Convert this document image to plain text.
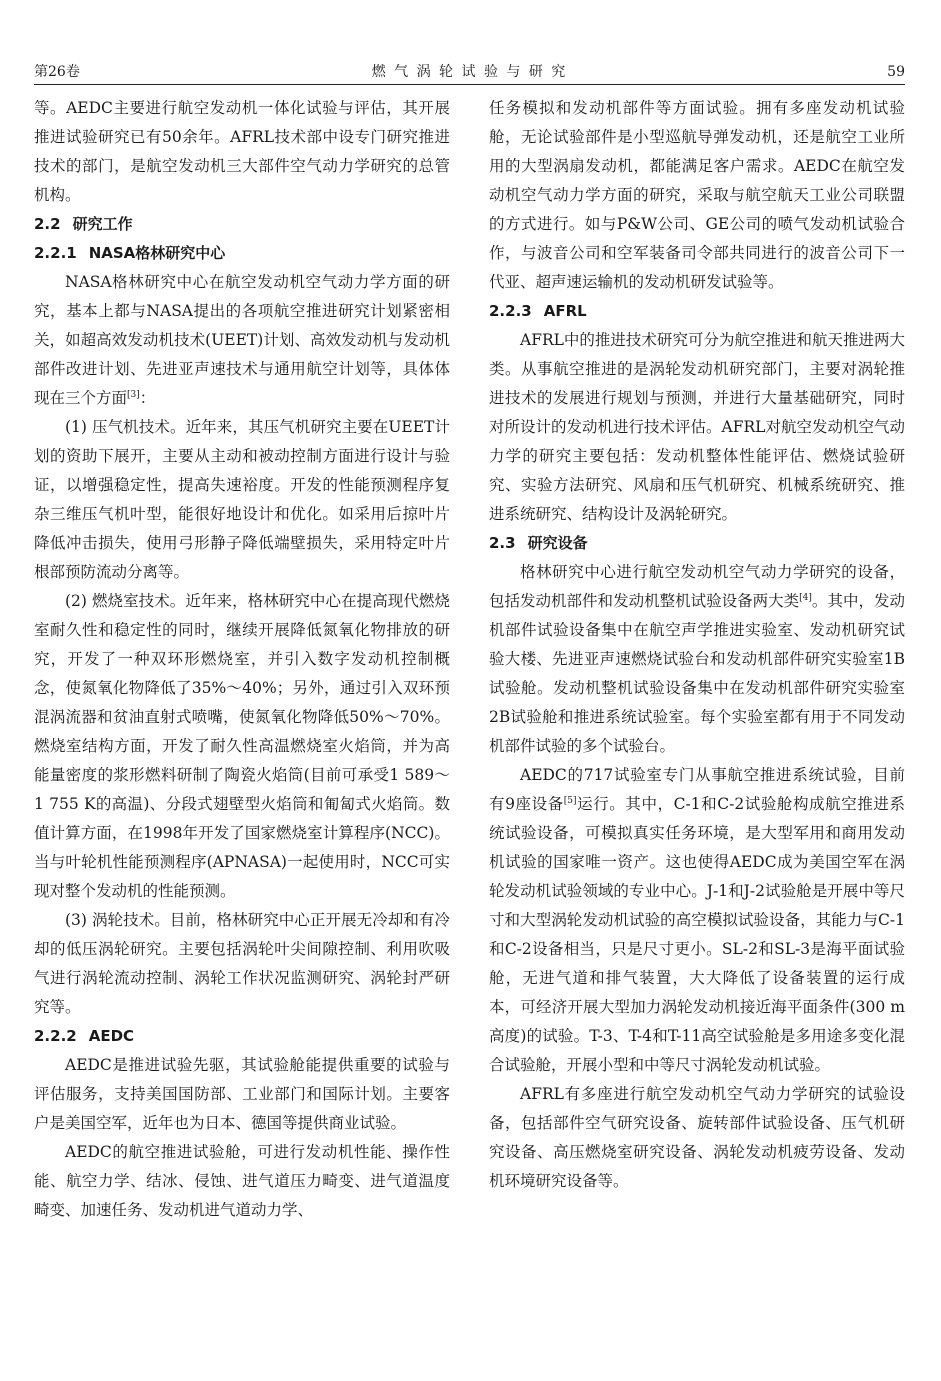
第26卷	燃 气 涡 轮 试 验 与 研 究	59

等。AEDC主要进行航空发动机一体化试验与评估，其开展推进试验研究已有50余年。AFRL技术部中设专门研究推进技术的部门，是航空发动机三大部件空气动力学研究的总管机构。

2.2 研究工作

2.2.1 NASA格林研究中心

NASA格林研究中心在航空发动机空气动力学方面的研究，基本上都与NASA提出的各项航空推进研究计划紧密相关，如超高效发动机技术(UEET)计划、高效发动机与发动机部件改进计划、先进亚声速技术与通用航空计划等，具体体现在三个方面[3]：

(1) 压气机技术。近年来，其压气机研究主要在UEET计划的资助下展开，主要从主动和被动控制方面进行设计与验证，以增强稳定性，提高失速裕度。开发的性能预测程序复杂三维压气机叶型，能很好地设计和优化。如采用后掠叶片降低冲击损失，使用弓形静子降低端壁损失，采用特定叶片根部预防流动分离等。

(2) 燃烧室技术。近年来，格林研究中心在提高现代燃烧室耐久性和稳定性的同时，继续开展降低氮氧化物排放的研究，开发了一种双环形燃烧室，并引入数字发动机控制概念，使氮氧化物降低了35%～40%；另外，通过引入双环预混涡流器和贫油直射式喷嘴，使氮氧化物降低50%～70%。燃烧室结构方面，开发了耐久性高温燃烧室火焰筒，并为高能量密度的浆形燃料研制了陶瓷火焰筒(目前可承受1 589～1 755 K的高温)、分段式翅壁型火焰筒和匍匐式火焰筒。数值计算方面，在1998年开发了国家燃烧室计算程序(NCC)。当与叶轮机性能预测程序(APNASA)一起使用时，NCC可实现对整个发动机的性能预测。

(3) 涡轮技术。目前，格林研究中心正开展无冷却和有冷却的低压涡轮研究。主要包括涡轮叶尖间隙控制、利用吹吸气进行涡轮流动控制、涡轮工作状况监测研究、涡轮封严研究等。

2.2.2 AEDC

AEDC是推进试验先驱，其试验舱能提供重要的试验与评估服务，支持美国国防部、工业部门和国际计划。主要客户是美国空军，近年也为日本、德国等提供商业试验。

AEDC的航空推进试验舱，可进行发动机性能、操作性能、航空力学、结冰、侵蚀、进气道压力畸变、进气道温度畸变、加速任务、发动机进气道动力学、

任务模拟和发动机部件等方面试验。拥有多座发动机试验舱，无论试验部件是小型巡航导弹发动机，还是航空工业所用的大型涡扇发动机，都能满足客户需求。AEDC在航空发动机空气动力学方面的研究，采取与航空航天工业公司联盟的方式进行。如与P&W公司、GE公司的喷气发动机试验合作，与波音公司和空军装备司令部共同进行的波音公司下一代亚、超声速运输机的发动机研发试验等。

2.2.3 AFRL

AFRL中的推进技术研究可分为航空推进和航天推进两大类。从事航空推进的是涡轮发动机研究部门，主要对涡轮推进技术的发展进行规划与预测，并进行大量基础研究，同时对所设计的发动机进行技术评估。AFRL对航空发动机空气动力学的研究主要包括：发动机整体性能评估、燃烧试验研究、实验方法研究、风扇和压气机研究、机械系统研究、推进系统研究、结构设计及涡轮研究。

2.3 研究设备

格林研究中心进行航空发动机空气动力学研究的设备，包括发动机部件和发动机整机试验设备两大类[4]。其中，发动机部件试验设备集中在航空声学推进实验室、发动机研究试验大楼、先进亚声速燃烧试验台和发动机部件研究实验室1B试验舱。发动机整机试验设备集中在发动机部件研究实验室2B试验舱和推进系统试验室。每个实验室都有用于不同发动机部件试验的多个试验台。

AEDC的717试验室专门从事航空推进系统试验，目前有9座设备[5]运行。其中，C-1和C-2试验舱构成航空推进系统试验设备，可模拟真实任务环境，是大型军用和商用发动机试验的国家唯一资产。这也使得AEDC成为美国空军在涡轮发动机试验领域的专业中心。J-1和J-2试验舱是开展中等尺寸和大型涡轮发动机试验的高空模拟试验设备，其能力与C-1和C-2设备相当，只是尺寸更小。SL-2和SL-3是海平面试验舱，无进气道和排气装置，大大降低了设备装置的运行成本，可经济开展大型加力涡轮发动机接近海平面条件(300 m高度)的试验。T-3、T-4和T-11高空试验舱是多用途多变化混合试验舱，开展小型和中等尺寸涡轮发动机试验。

AFRL有多座进行航空发动机空气动力学研究的试验设备，包括部件空气研究设备、旋转部件试验设备、压气机研究设备、高压燃烧室研究设备、涡轮发动机疲劳设备、发动机环境研究设备等。
